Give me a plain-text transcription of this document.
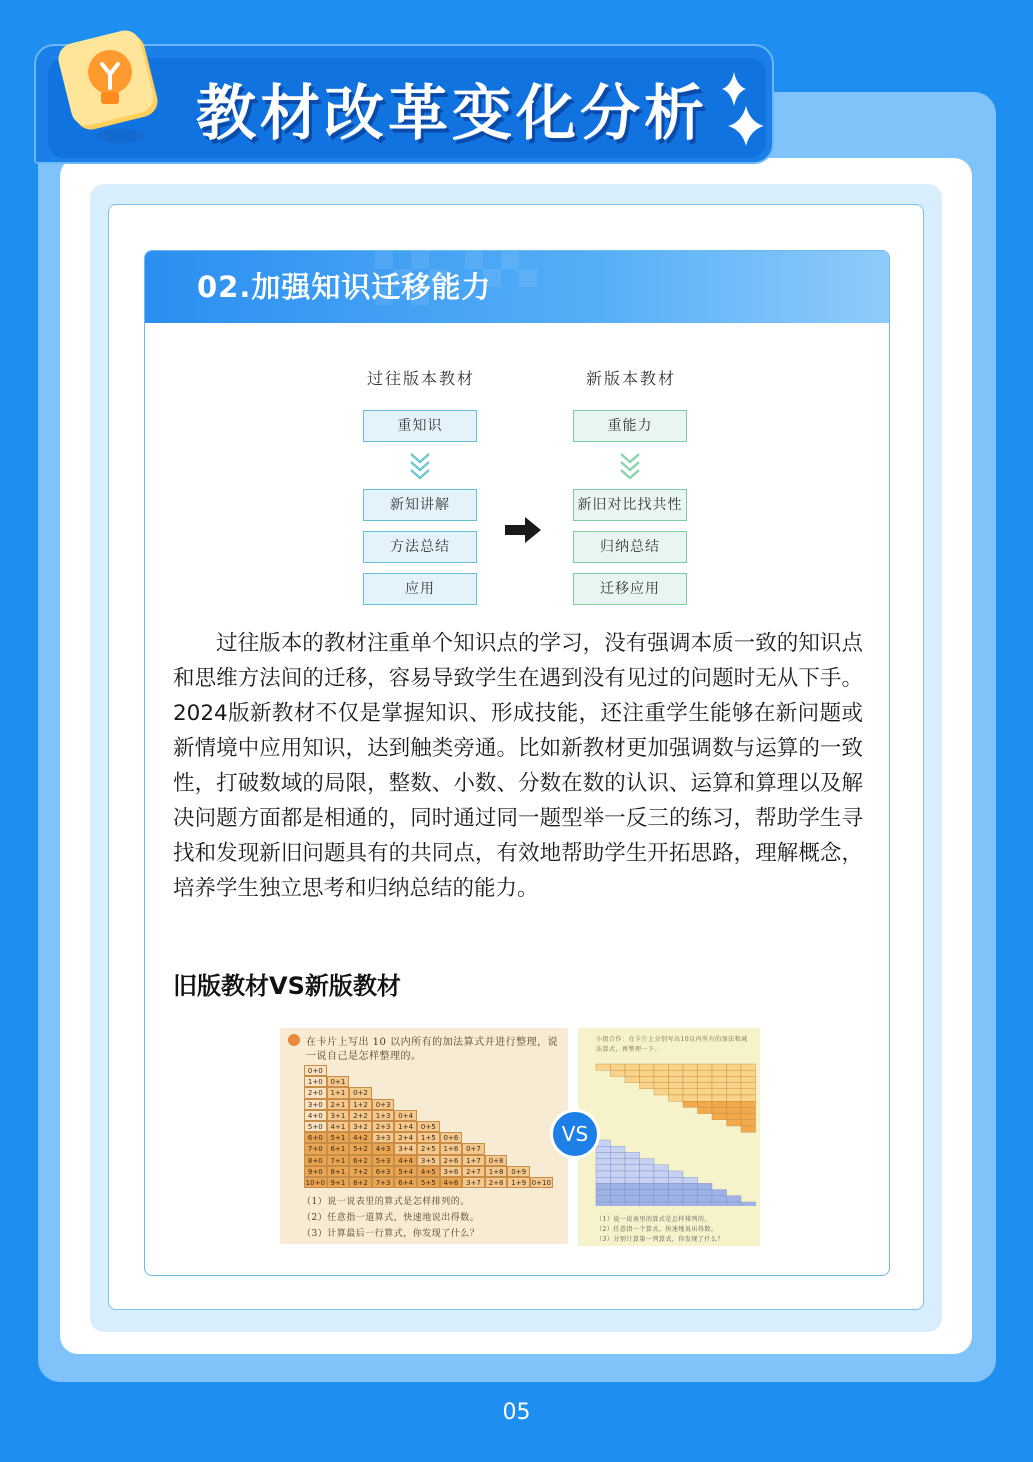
教材改革变化分析
02.加强知识迁移能力
过往版本教材	新版本教材
重知识	重能力
新知讲解
方法总结
应用
新旧对比找共性
归纳总结
迁移应用
过往版本的教材注重单个知识点的学习，没有强调本质一致的知识点和思维方法间的迁移，容易导致学生在遇到没有见过的问题时无从下手。2024版新教材不仅是掌握知识、形成技能，还注重学生能够在新问题或新情境中应用知识，达到触类旁通。比如新教材更加强调数与运算的一致性，打破数域的局限，整数、小数、分数在数的认识、运算和算理以及解决问题方面都是相通的，同时通过同一题型举一反三的练习，帮助学生寻找和发现新旧问题具有的共同点，有效地帮助学生开拓思路，理解概念，培养学生独立思考和归纳总结的能力。
旧版教材VS新版教材
在卡片上写出 10 以内所有的加法算式并进行整理，说
一说自己是怎样整理的。
0+0
1+0	0+1
2+0	1+1	0+2
3+0	2+1	1+2	0+3
4+0	3+1	2+2	1+3	0+4
5+0	4+1	3+2	2+3	1+4	0+5
6+0	5+1	4+2	3+3	2+4	1+5	0+6
7+0	6+1	5+2	4+3	3+4	2+5	1+6	0+7
8+0	7+1	6+2	5+3	4+4	3+5	2+6	1+7	0+8
9+0	8+1	7+2	6+3	5+4	4+5	3+6	2+7	1+8	0+9
10+0 9+1	8+2	7+3	6+4	5+5	4+6	3+7	2+8	1+9 0+10
（1）说一说表里的算式是怎样排列的。
（2）任意指一道算式，快速地说出得数。
（3）计算最后一行算式，你发现了什么？
小组合作：在卡片上分别写出10以内所有的加法和减
法算式，再整理一下。
（1）说一说表里的算式是怎样排列的。
（2）任意指一个算式，快速地说出得数。
（3）分别计算第一列算式，你发现了什么？
VS
05
